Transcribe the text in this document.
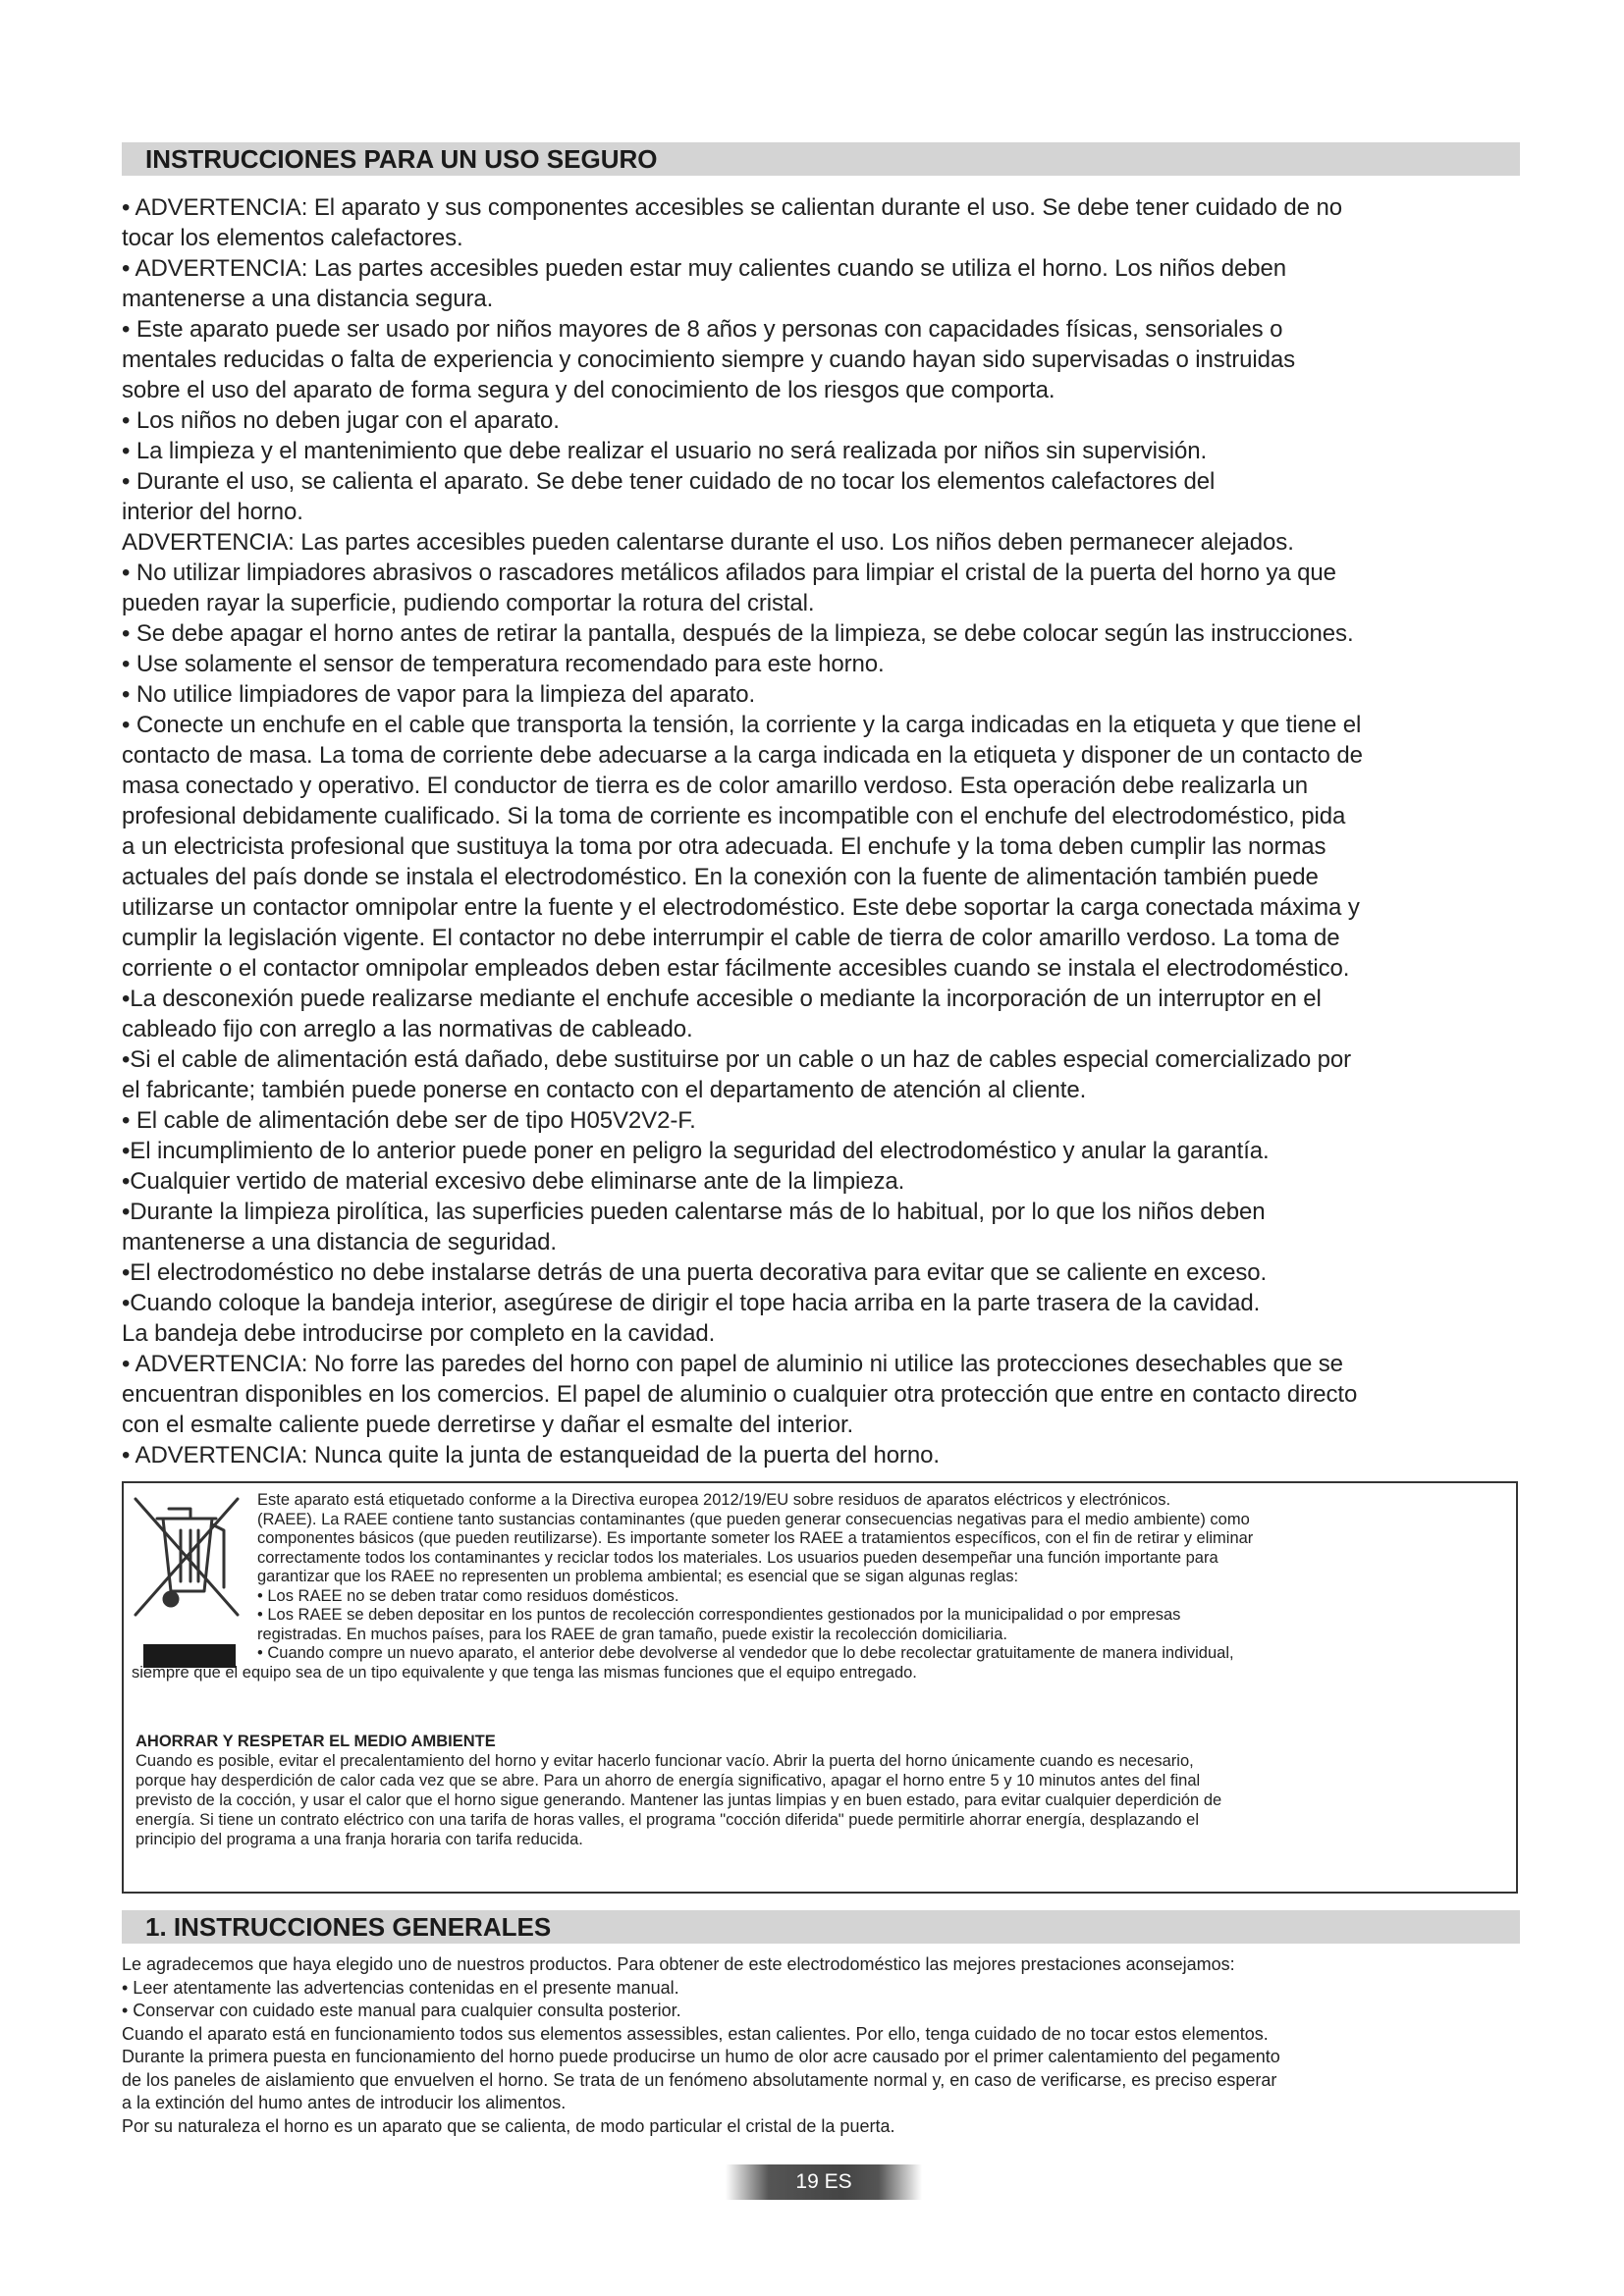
INSTRUCCIONES PARA UN USO SEGURO

• ADVERTENCIA: El aparato y sus componentes accesibles se calientan durante el uso. Se debe tener cuidado de no

tocar los elementos calefactores.

• ADVERTENCIA: Las partes accesibles pueden estar muy calientes cuando se utiliza el horno. Los niños deben

mantenerse a una distancia segura.

• Este aparato puede ser usado por niños mayores de 8 años y personas con capacidades físicas, sensoriales o

mentales reducidas o falta de experiencia y conocimiento siempre y cuando hayan sido supervisadas o instruidas

sobre el uso del aparato de forma segura y del conocimiento de los riesgos que comporta.

• Los niños no deben jugar con el aparato.

• La limpieza y el mantenimiento que debe realizar el usuario no será realizada por niños sin supervisión.

• Durante el uso, se calienta el aparato. Se debe tener cuidado de no tocar los elementos calefactores del

interior del horno.

ADVERTENCIA: Las partes accesibles pueden calentarse durante el uso. Los niños deben permanecer alejados.

• No utilizar limpiadores abrasivos o rascadores metálicos afilados para limpiar el cristal de la puerta del horno ya que

pueden rayar la superficie, pudiendo comportar la rotura del cristal.

• Se debe apagar el horno antes de retirar la pantalla, después de la limpieza, se debe colocar según las instrucciones.

• Use solamente el sensor de temperatura recomendado para este horno.

• No utilice limpiadores de vapor para la limpieza del aparato.

• Conecte un enchufe en el cable que transporta la tensión, la corriente y la carga indicadas en la etiqueta y que tiene el

contacto de masa. La toma de corriente debe adecuarse a la carga indicada en la etiqueta y disponer de un contacto de

masa conectado y operativo. El conductor de tierra es de color amarillo verdoso. Esta operación debe realizarla un

profesional debidamente cualificado. Si la toma de corriente es incompatible con el enchufe del electrodoméstico, pida

a un electricista profesional que sustituya la toma por otra adecuada. El enchufe y la toma deben cumplir las normas

actuales del país donde se instala el electrodoméstico. En la conexión con la fuente de alimentación también puede

utilizarse un contactor omnipolar entre la fuente y el electrodoméstico. Este debe soportar la carga conectada máxima y

cumplir la legislación vigente. El contactor no debe interrumpir el cable de tierra de color amarillo verdoso. La toma de

corriente o el contactor omnipolar empleados deben estar fácilmente accesibles cuando se instala el electrodoméstico.

•La desconexión puede realizarse mediante el enchufe accesible o mediante la incorporación de un interruptor en el

cableado fijo con arreglo a las normativas de cableado.

•Si el cable de alimentación está dañado, debe sustituirse por un cable o un haz de cables especial comercializado por

el fabricante; también puede ponerse en contacto con el departamento de atención al cliente.

• El cable de alimentación debe ser de tipo H05V2V2-F.

•El incumplimiento de lo anterior puede poner en peligro la seguridad del electrodoméstico y anular la garantía.

•Cualquier vertido de material excesivo debe eliminarse ante de la limpieza.

•Durante la limpieza pirolítica, las superficies pueden calentarse más de lo habitual, por lo que los niños deben

mantenerse a una distancia de seguridad.

•El electrodoméstico no debe instalarse detrás de una puerta decorativa para evitar que se caliente en exceso.

•Cuando coloque la bandeja interior, asegúrese de dirigir el tope hacia arriba en la parte trasera de la cavidad.

La bandeja debe introducirse por completo en la cavidad.

• ADVERTENCIA: No forre las paredes del horno con papel de aluminio ni utilice las protecciones desechables que se

encuentran disponibles en los comercios. El papel de aluminio o cualquier otra protección que entre en contacto directo

con el esmalte caliente puede derretirse y dañar el esmalte del interior.

• ADVERTENCIA: Nunca quite la junta de estanqueidad de la puerta del horno.

Este aparato está etiquetado conforme a la Directiva europea 2012/19/EU sobre residuos de aparatos eléctricos y electrónicos.

(RAEE). La RAEE contiene tanto sustancias contaminantes (que pueden generar consecuencias negativas para el medio ambiente) como

componentes básicos (que pueden reutilizarse). Es importante someter los RAEE a tratamientos específicos, con el fin de retirar y eliminar

correctamente todos los contaminantes y reciclar todos los materiales. Los usuarios pueden desempeñar una función importante para

garantizar que los RAEE no representen un problema ambiental; es esencial que se sigan algunas reglas:

• Los RAEE no se deben tratar como residuos domésticos.

• Los RAEE se deben depositar en los puntos de recolección correspondientes gestionados por la municipalidad o por empresas

registradas. En muchos países, para los RAEE de gran tamaño, puede existir la recolección domiciliaria.

• Cuando compre un nuevo aparato, el anterior debe devolverse al vendedor que lo debe recolectar gratuitamente de manera individual,

siempre que el equipo sea de un tipo equivalente y que tenga las mismas funciones que el equipo entregado.

AHORRAR Y RESPETAR EL MEDIO AMBIENTE

Cuando es posible, evitar el precalentamiento del horno y evitar hacerlo funcionar vacío. Abrir la puerta del horno únicamente cuando es necesario,

porque hay desperdición de calor cada vez que se abre. Para un ahorro de energía significativo, apagar el horno entre 5 y 10 minutos antes del final

previsto de la cocción, y usar el calor que el horno sigue generando. Mantener las juntas limpias y en buen estado, para evitar cualquier deperdición de

energía. Si tiene un contrato eléctrico con una tarifa de horas valles, el programa "cocción diferida" puede permitirle ahorrar energía, desplazando el

principio del programa a una franja horaria con tarifa reducida.

1. INSTRUCCIONES GENERALES

Le agradecemos que haya elegido uno de nuestros productos. Para obtener de este electrodoméstico las mejores prestaciones aconsejamos:

• Leer atentamente las advertencias contenidas en el presente manual.

• Conservar con cuidado este manual para cualquier consulta posterior.

Cuando el aparato está en funcionamiento todos sus elementos assessibles, estan calientes. Por ello, tenga cuidado de no tocar estos elementos.

Durante la primera puesta en funcionamiento del horno puede producirse un humo de olor acre causado por el primer calentamiento del pegamento

de los paneles de aislamiento que envuelven el horno. Se trata de un fenómeno absolutamente normal y, en caso de verificarse, es preciso esperar

a la extinción del humo antes de introducir los alimentos.

Por su naturaleza el horno es un aparato que se calienta, de modo particular el cristal de la puerta.

19 ES
